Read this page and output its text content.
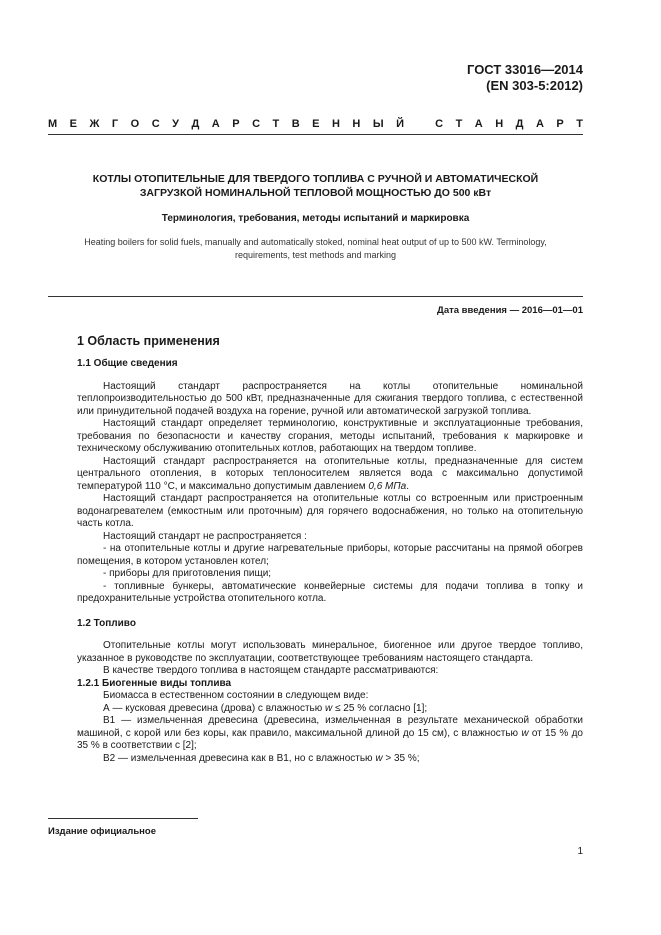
ГОСТ 33016—2014
(EN 303-5:2012)
М Е Ж Г О С У Д А Р С Т В Е Н Н Ы Й
	С Т А Н Д А Р Т
КОТЛЫ ОТОПИТЕЛЬНЫЕ ДЛЯ ТВЕРДОГО ТОПЛИВА С РУЧНОЙ И АВТОМАТИЧЕСКОЙ
ЗАГРУЗКОЙ НОМИНАЛЬНОЙ ТЕПЛОВОЙ МОЩНОСТЬЮ ДО 500 кВт
Терминология, требования, методы испытаний и маркировка
Heating boilers for solid fuels, manually and automatically stoked, nominal heat output of up to 500 kW. Terminology,
requirements, test methods and marking
Дата введения — 2016—01—01
1 Область применения
1.1 Общие сведения

Настоящий стандарт распространяется на котлы отопительные номинальной теплопроизводительностью до 500 кВт, предназначенные для сжигания твердого топлива, с естественной или принудительной подачей воздуха на горение, ручной или автоматической загрузкой топлива.

Настоящий стандарт определяет терминологию, конструктивные и эксплуатационные требования, требования по безопасности и качеству сгорания, методы испытаний, требования к маркировке и техническому обслуживанию отопительных котлов, работающих на твердом топливе.

Настоящий стандарт распространяется на отопительные котлы, предназначенные для систем центрального отопления, в которых теплоносителем является вода с максимально допустимой температурой 110 °С, и максимально допустимым давлением 0,6 МПа.

Настоящий стандарт распространяется на отопительные котлы со встроенным или пристроенным водонагревателем (емкостным или проточным) для горячего водоснабжения, но только на отопительную часть котла.

Настоящий стандарт не распространяется :

- на отопительные котлы и другие нагревательные приборы, которые рассчитаны на прямой обогрев помещения, в котором установлен котел;

- приборы для приготовления пищи;

- топливные бункеры, автоматические конвейерные системы для подачи топлива в топку и предохранительные устройства отопительного котла.

1.2 Топливо

Отопительные котлы могут использовать минеральное, биогенное или другое твердое топливо, указанное в руководстве по эксплуатации, соответствующее требованиям настоящего стандарта.

В качестве твердого топлива в настоящем стандарте рассматриваются:

1.2.1 Биогенные виды топлива

Биомасса в естественном состоянии в следующем виде:

А — кусковая древесина (дрова) с влажностью w ≤ 25 % согласно [1];

В1 — измельченная древесина (древесина, измельченная в результате механической обработки машиной, с корой или без коры, как правило, максимальной длиной до 15 см), с влажностью w от 15 % до 35 % в соответствии с [2];

В2 — измельченная древесина как в В1, но с влажностью w > 35 %;

Издание официальное
1
